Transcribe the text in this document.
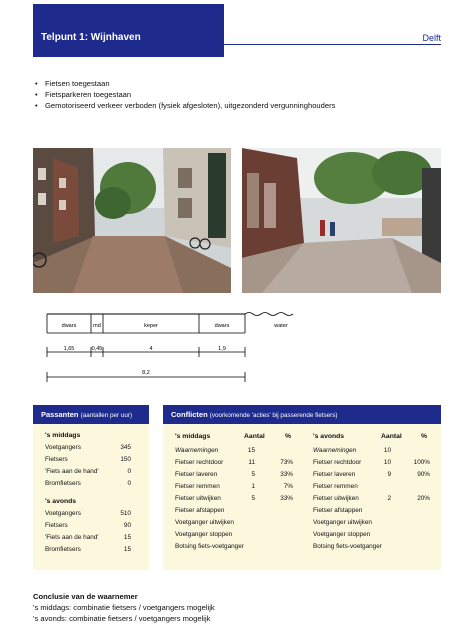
Telpunt 1: Wijnhaven	Delft
• Fietsen toegestaan
• Fietsparkeren toegestaan
• Gemotoriseerd verkeer verboden (fysiek afgesloten), uitgezonderd vergunninghouders
dwars	md	keper	dwars	water
1,65	0,45	4	1,9
8,2
Passanten (aantallen per uur)
's middags
Voetgangers	345
Fietsers	150
'Fiets aan de hand'	0
Bromfietsers	0
's avonds
Voetgangers	510
Fietsers	90
'Fiets aan de hand'	15
Bromfietsers	15
Conflicten (voorkomende 'acties' bij passerende fietsers)
's middags	Aantal	%
Waarnemingen	15
Fietser rechtdoor	11	73%
Fietser laveren	5	33%
Fietser remmen	1	7%
Fietser uitwijken	5	33%
Fietser afstappen
Voetganger uitwijken
Voetganger stoppen
Botsing fiets-voetganger
's avonds	Aantal	%
Waarnemingen	10
Fietser rechtdoor	10	100%
Fietser laveren	9	90%
Fietser remmen
Fietser uitwijken	2	20%
Fietser afstappen
Voetganger uitwijken
Voetganger stoppen
Botsing fiets-voetganger
Conclusie van de waarnemer
's middags: combinatie fietsers / voetgangers mogelijk
's avonds: combinatie fietsers / voetgangers mogelijk
